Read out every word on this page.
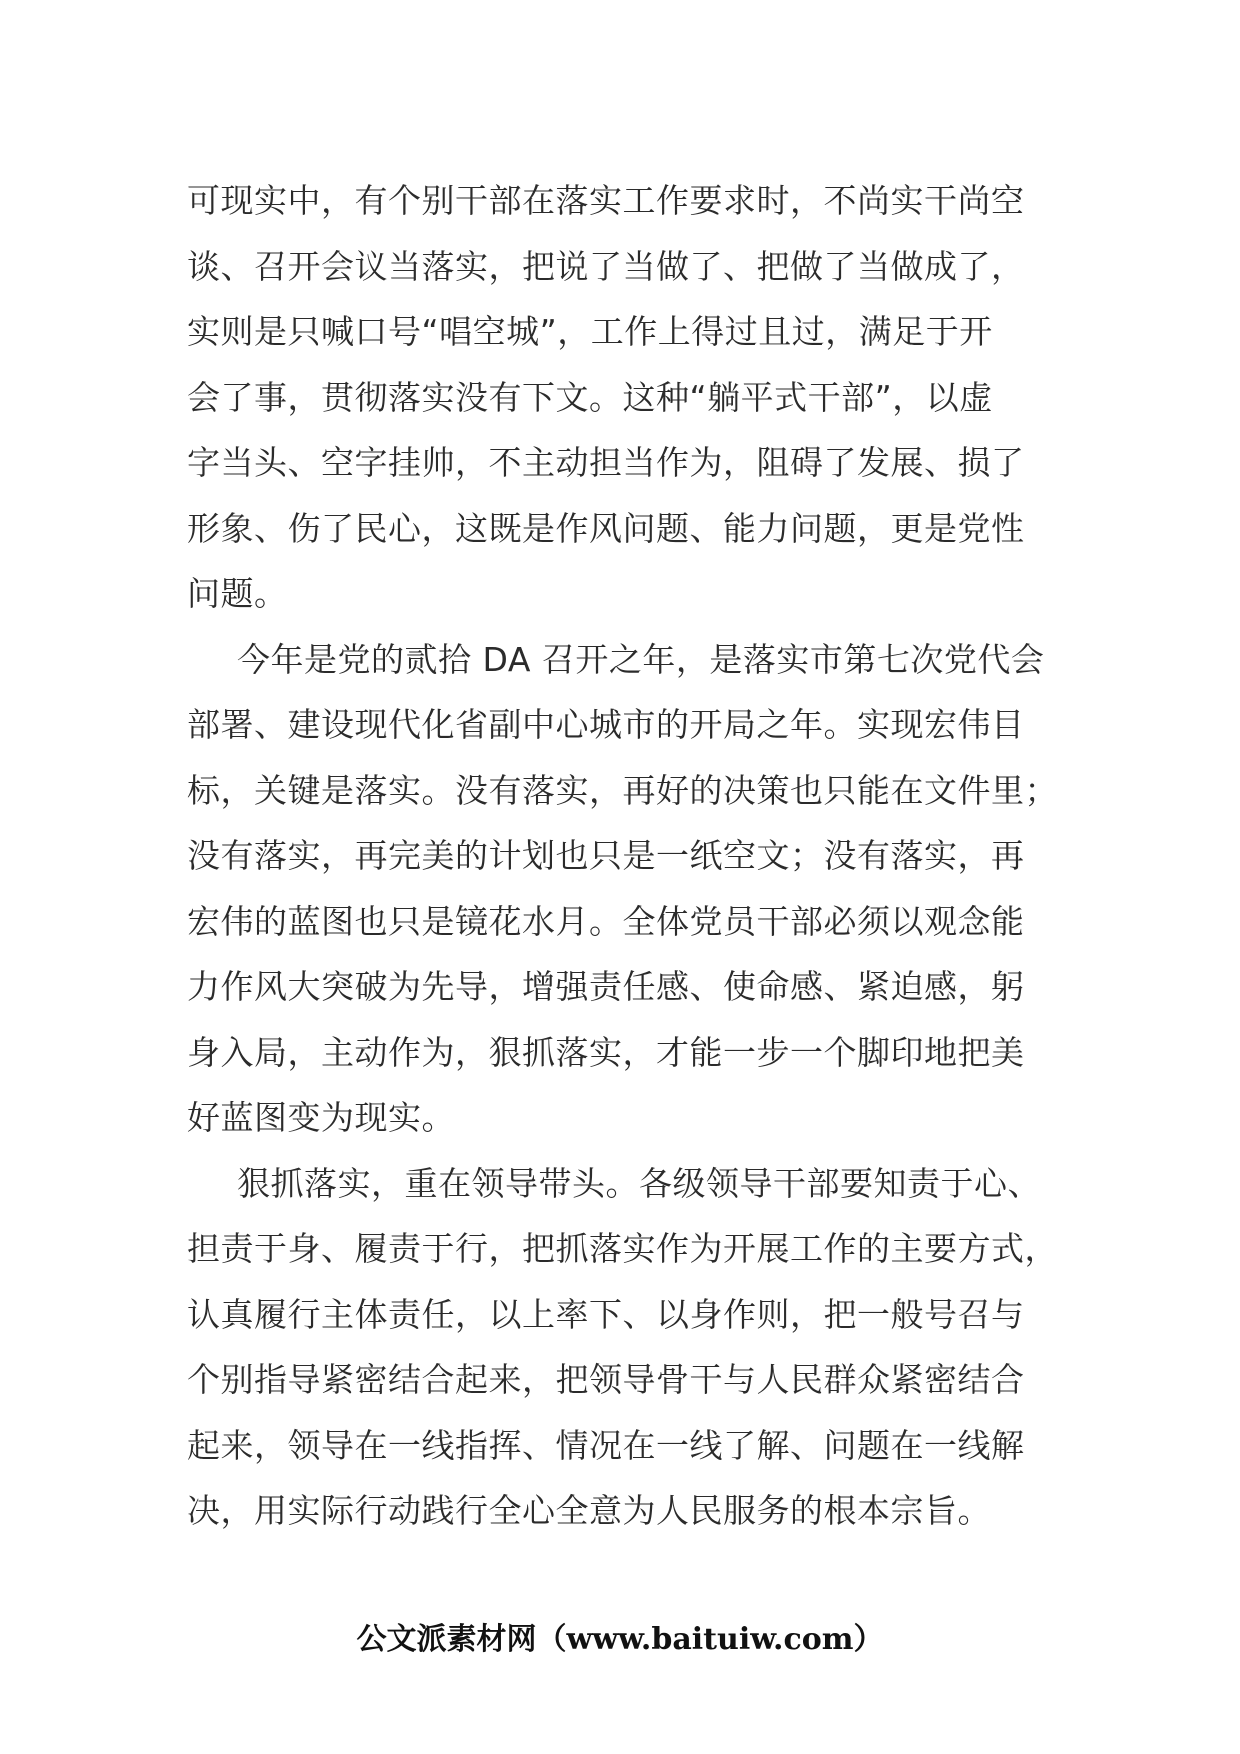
可现实中，有个别干部在落实工作要求时，不尚实干尚空
谈、召开会议当落实，把说了当做了、把做了当做成了，
实则是只喊口号“唱空城”，工作上得过且过，满足于开
会了事，贯彻落实没有下文。这种“躺平式干部”，以虚
字当头、空字挂帅，不主动担当作为，阻碍了发展、损了
形象、伤了民心，这既是作风问题、能力问题，更是党性
问题。

今年是党的贰拾 DA 召开之年，是落实市第七次党代会
部署、建设现代化省副中心城市的开局之年。实现宏伟目
标，关键是落实。没有落实，再好的决策也只能在文件里；
没有落实，再完美的计划也只是一纸空文；没有落实，再
宏伟的蓝图也只是镜花水月。全体党员干部必须以观念能
力作风大突破为先导，增强责任感、使命感、紧迫感，躬
身入局，主动作为，狠抓落实，才能一步一个脚印地把美
好蓝图变为现实。

狠抓落实，重在领导带头。各级领导干部要知责于心、
担责于身、履责于行，把抓落实作为开展工作的主要方式，
认真履行主体责任，以上率下、以身作则，把一般号召与
个别指导紧密结合起来，把领导骨干与人民群众紧密结合
起来，领导在一线指挥、情况在一线了解、问题在一线解
决，用实际行动践行全心全意为人民服务的根本宗旨。

公文派素材网（www.baituiw.com）
